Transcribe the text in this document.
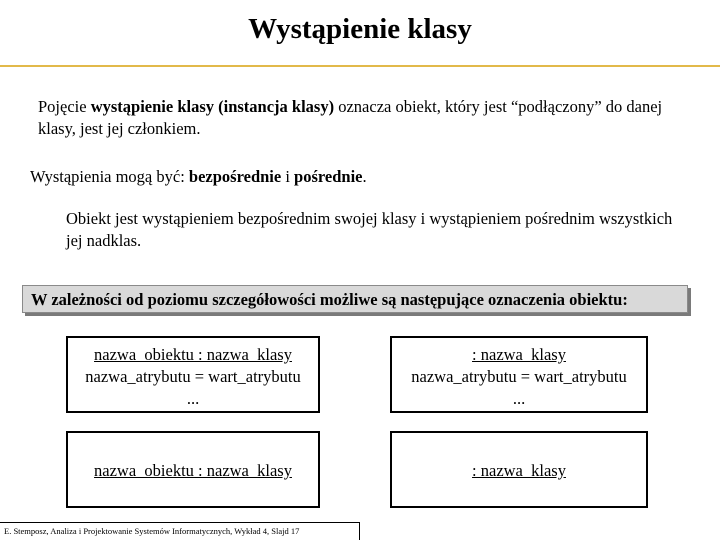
Wystąpienie klasy
Pojęcie wystąpienie klasy (instancja klasy) oznacza obiekt, który jest “podłączony” do danej klasy, jest jej członkiem.
Wystąpienia mogą być: bezpośrednie i pośrednie.
Obiekt jest wystąpieniem bezpośrednim swojej klasy i wystąpieniem pośrednim wszystkich jej nadklas.
W zależności od poziomu szczegółowości możliwe są następujące oznaczenia obiektu:
nazwa_obiektu : nazwa_klasy
nazwa_atrybutu = wart_atrybutu
...
: nazwa_klasy
nazwa_atrybutu = wart_atrybutu
...
nazwa_obiektu : nazwa_klasy	: nazwa_klasy
E. Stemposz, Analiza i Projektowanie Systemów Informatycznych, Wykład 4, Slajd 17
